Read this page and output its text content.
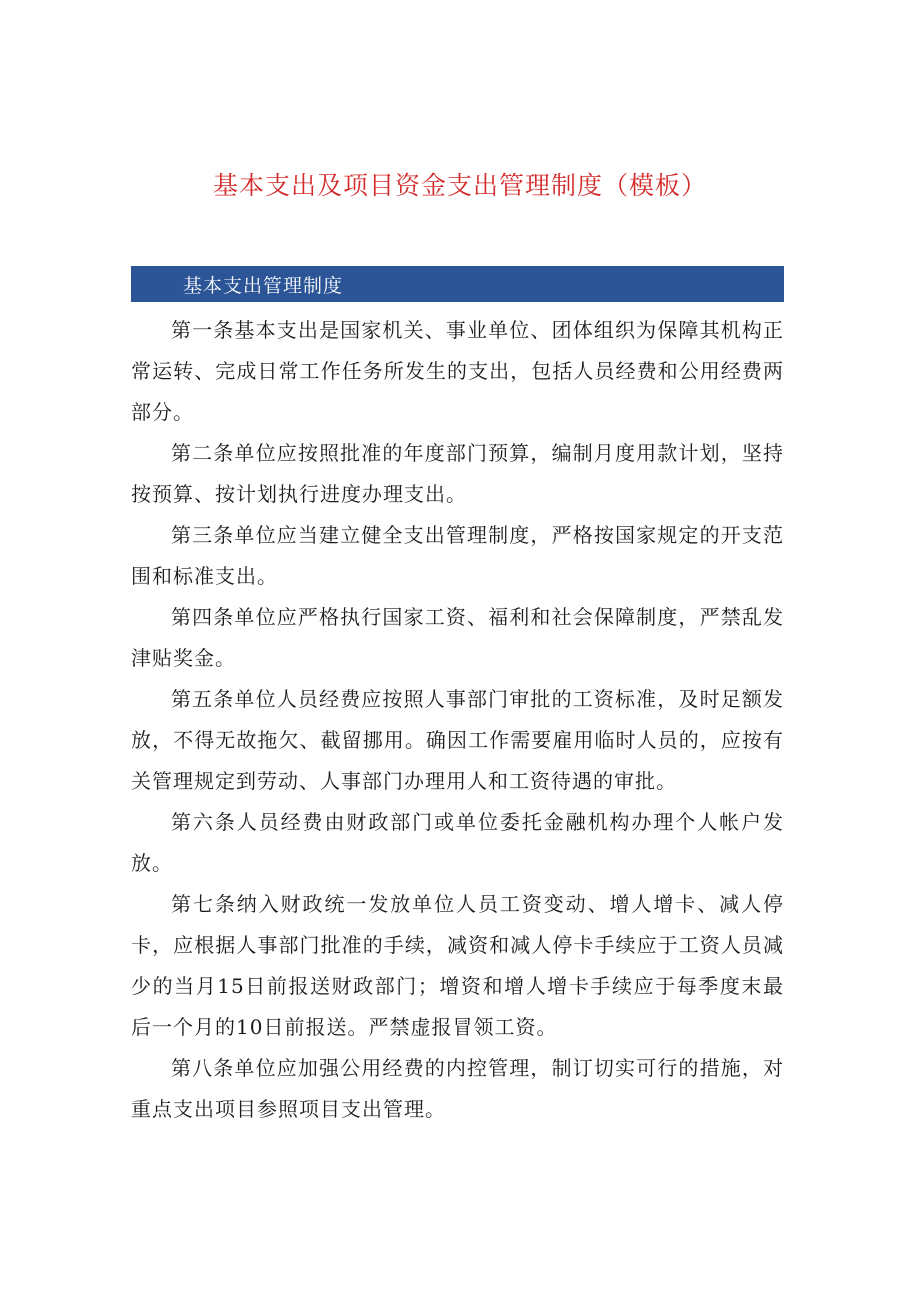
基本支出及项目资金支出管理制度（模板）
基本支出管理制度

第一条基本支出是国家机关、事业单位、团体组织为保障其机构正常运转、完成日常工作任务所发生的支出，包括人员经费和公用经费两部分。

第二条单位应按照批准的年度部门预算，编制月度用款计划，坚持按预算、按计划执行进度办理支出。

第三条单位应当建立健全支出管理制度，严格按国家规定的开支范围和标准支出。

第四条单位应严格执行国家工资、福利和社会保障制度，严禁乱发津贴奖金。

第五条单位人员经费应按照人事部门审批的工资标准，及时足额发放，不得无故拖欠、截留挪用。确因工作需要雇用临时人员的，应按有关管理规定到劳动、人事部门办理用人和工资待遇的审批。

第六条人员经费由财政部门或单位委托金融机构办理个人帐户发放。

第七条纳入财政统一发放单位人员工资变动、增人增卡、减人停卡，应根据人事部门批准的手续，减资和减人停卡手续应于工资人员减少的当月15日前报送财政部门；增资和增人增卡手续应于每季度末最后一个月的10日前报送。严禁虚报冒领工资。

第八条单位应加强公用经费的内控管理，制订切实可行的措施，对重点支出项目参照项目支出管理。
